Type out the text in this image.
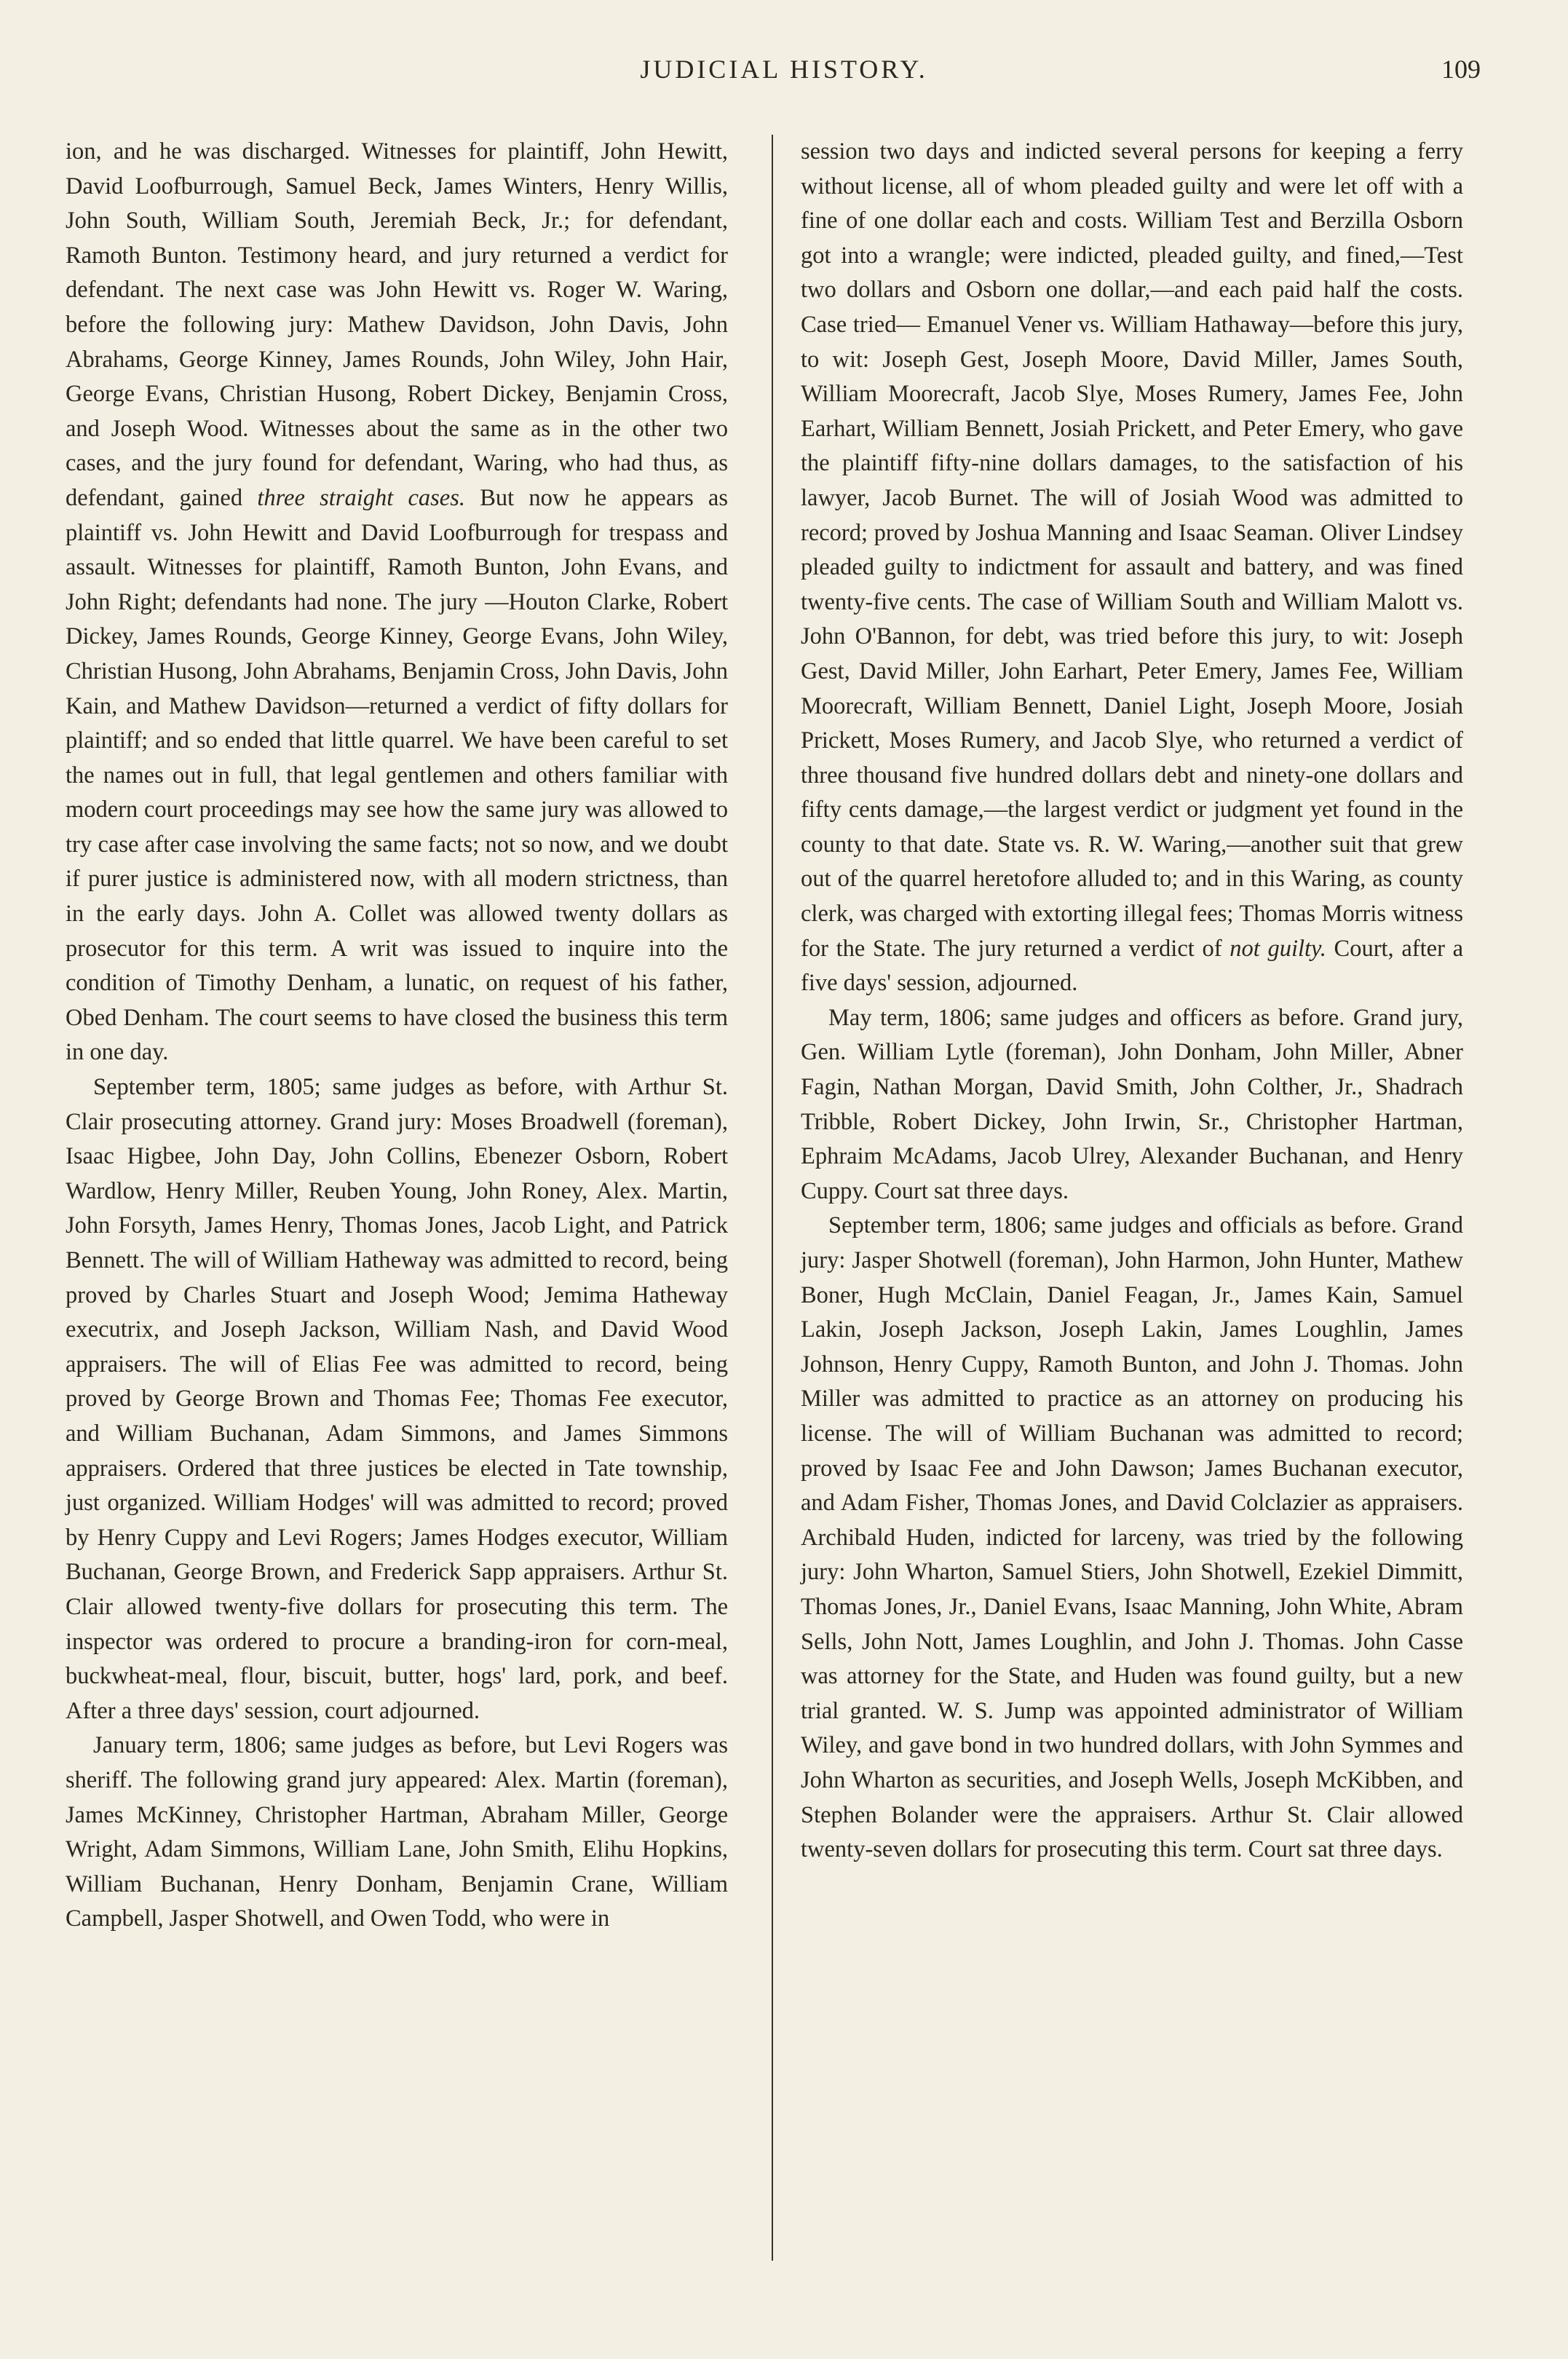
JUDICIAL HISTORY.	109

ion, and he was discharged. Witnesses for plaintiff, John Hewitt, David Loofburrough, Samuel Beck, James Winters, Henry Willis, John South, William South, Jeremiah Beck, Jr.; for defendant, Ramoth Bunton. Testimony heard, and jury returned a verdict for defendant. The next case was John Hewitt vs. Roger W. Waring, before the following jury: Mathew Davidson, John Davis, John Abrahams, George Kinney, James Rounds, John Wiley, John Hair, George Evans, Christian Husong, Robert Dickey, Benjamin Cross, and Joseph Wood. Witnesses about the same as in the other two cases, and the jury found for defendant, Waring, who had thus, as defendant, gained three straight cases. But now he appears as plaintiff vs. John Hewitt and David Loofburrough for trespass and assault. Witnesses for plaintiff, Ramoth Bunton, John Evans, and John Right; defendants had none. The jury —Houton Clarke, Robert Dickey, James Rounds, George Kinney, George Evans, John Wiley, Christian Husong, John Abrahams, Benjamin Cross, John Davis, John Kain, and Mathew Davidson—returned a verdict of fifty dollars for plaintiff; and so ended that little quarrel. We have been careful to set the names out in full, that legal gentlemen and others familiar with modern court proceedings may see how the same jury was allowed to try case after case involving the same facts; not so now, and we doubt if purer justice is administered now, with all modern strictness, than in the early days. John A. Collet was allowed twenty dollars as prosecutor for this term. A writ was issued to inquire into the condition of Timothy Denham, a lunatic, on request of his father, Obed Denham. The court seems to have closed the business this term in one day.

September term, 1805; same judges as before, with Arthur St. Clair prosecuting attorney. Grand jury: Moses Broadwell (foreman), Isaac Higbee, John Day, John Collins, Ebenezer Osborn, Robert Wardlow, Henry Miller, Reuben Young, John Roney, Alex. Martin, John Forsyth, James Henry, Thomas Jones, Jacob Light, and Patrick Bennett. The will of William Hatheway was admitted to record, being proved by Charles Stuart and Joseph Wood; Jemima Hatheway executrix, and Joseph Jackson, William Nash, and David Wood appraisers. The will of Elias Fee was admitted to record, being proved by George Brown and Thomas Fee; Thomas Fee executor, and William Buchanan, Adam Simmons, and James Simmons appraisers. Ordered that three justices be elected in Tate township, just organized. William Hodges' will was admitted to record; proved by Henry Cuppy and Levi Rogers; James Hodges executor, William Buchanan, George Brown, and Frederick Sapp appraisers. Arthur St. Clair allowed twenty-five dollars for prosecuting this term. The inspector was ordered to procure a branding-iron for corn-meal, buckwheat-meal, flour, biscuit, butter, hogs' lard, pork, and beef. After a three days' session, court adjourned.

January term, 1806; same judges as before, but Levi Rogers was sheriff. The following grand jury appeared: Alex. Martin (foreman), James McKinney, Christopher Hartman, Abraham Miller, George Wright, Adam Simmons, William Lane, John Smith, Elihu Hopkins, William Buchanan, Henry Donham, Benjamin Crane, William Campbell, Jasper Shotwell, and Owen Todd, who were in

session two days and indicted several persons for keeping a ferry without license, all of whom pleaded guilty and were let off with a fine of one dollar each and costs. William Test and Berzilla Osborn got into a wrangle; were indicted, pleaded guilty, and fined,—Test two dollars and Osborn one dollar,—and each paid half the costs. Case tried— Emanuel Vener vs. William Hathaway—before this jury, to wit: Joseph Gest, Joseph Moore, David Miller, James South, William Moorecraft, Jacob Slye, Moses Rumery, James Fee, John Earhart, William Bennett, Josiah Prickett, and Peter Emery, who gave the plaintiff fifty-nine dollars damages, to the satisfaction of his lawyer, Jacob Burnet. The will of Josiah Wood was admitted to record; proved by Joshua Manning and Isaac Seaman. Oliver Lindsey pleaded guilty to indictment for assault and battery, and was fined twenty-five cents. The case of William South and William Malott vs. John O'Bannon, for debt, was tried before this jury, to wit: Joseph Gest, David Miller, John Earhart, Peter Emery, James Fee, William Moorecraft, William Bennett, Daniel Light, Joseph Moore, Josiah Prickett, Moses Rumery, and Jacob Slye, who returned a verdict of three thousand five hundred dollars debt and ninety-one dollars and fifty cents damage,—the largest verdict or judgment yet found in the county to that date. State vs. R. W. Waring,—another suit that grew out of the quarrel heretofore alluded to; and in this Waring, as county clerk, was charged with extorting illegal fees; Thomas Morris witness for the State. The jury returned a verdict of not guilty. Court, after a five days' session, adjourned.

May term, 1806; same judges and officers as before. Grand jury, Gen. William Lytle (foreman), John Donham, John Miller, Abner Fagin, Nathan Morgan, David Smith, John Colther, Jr., Shadrach Tribble, Robert Dickey, John Irwin, Sr., Christopher Hartman, Ephraim McAdams, Jacob Ulrey, Alexander Buchanan, and Henry Cuppy. Court sat three days.

September term, 1806; same judges and officials as before. Grand jury: Jasper Shotwell (foreman), John Harmon, John Hunter, Mathew Boner, Hugh McClain, Daniel Feagan, Jr., James Kain, Samuel Lakin, Joseph Jackson, Joseph Lakin, James Loughlin, James Johnson, Henry Cuppy, Ramoth Bunton, and John J. Thomas. John Miller was admitted to practice as an attorney on producing his license. The will of William Buchanan was admitted to record; proved by Isaac Fee and John Dawson; James Buchanan executor, and Adam Fisher, Thomas Jones, and David Colclazier as appraisers. Archibald Huden, indicted for larceny, was tried by the following jury: John Wharton, Samuel Stiers, John Shotwell, Ezekiel Dimmitt, Thomas Jones, Jr., Daniel Evans, Isaac Manning, John White, Abram Sells, John Nott, James Loughlin, and John J. Thomas. John Casse was attorney for the State, and Huden was found guilty, but a new trial granted. W. S. Jump was appointed administrator of William Wiley, and gave bond in two hundred dollars, with John Symmes and John Wharton as securities, and Joseph Wells, Joseph McKibben, and Stephen Bolander were the appraisers. Arthur St. Clair allowed twenty-seven dollars for prosecuting this term. Court sat three days.
